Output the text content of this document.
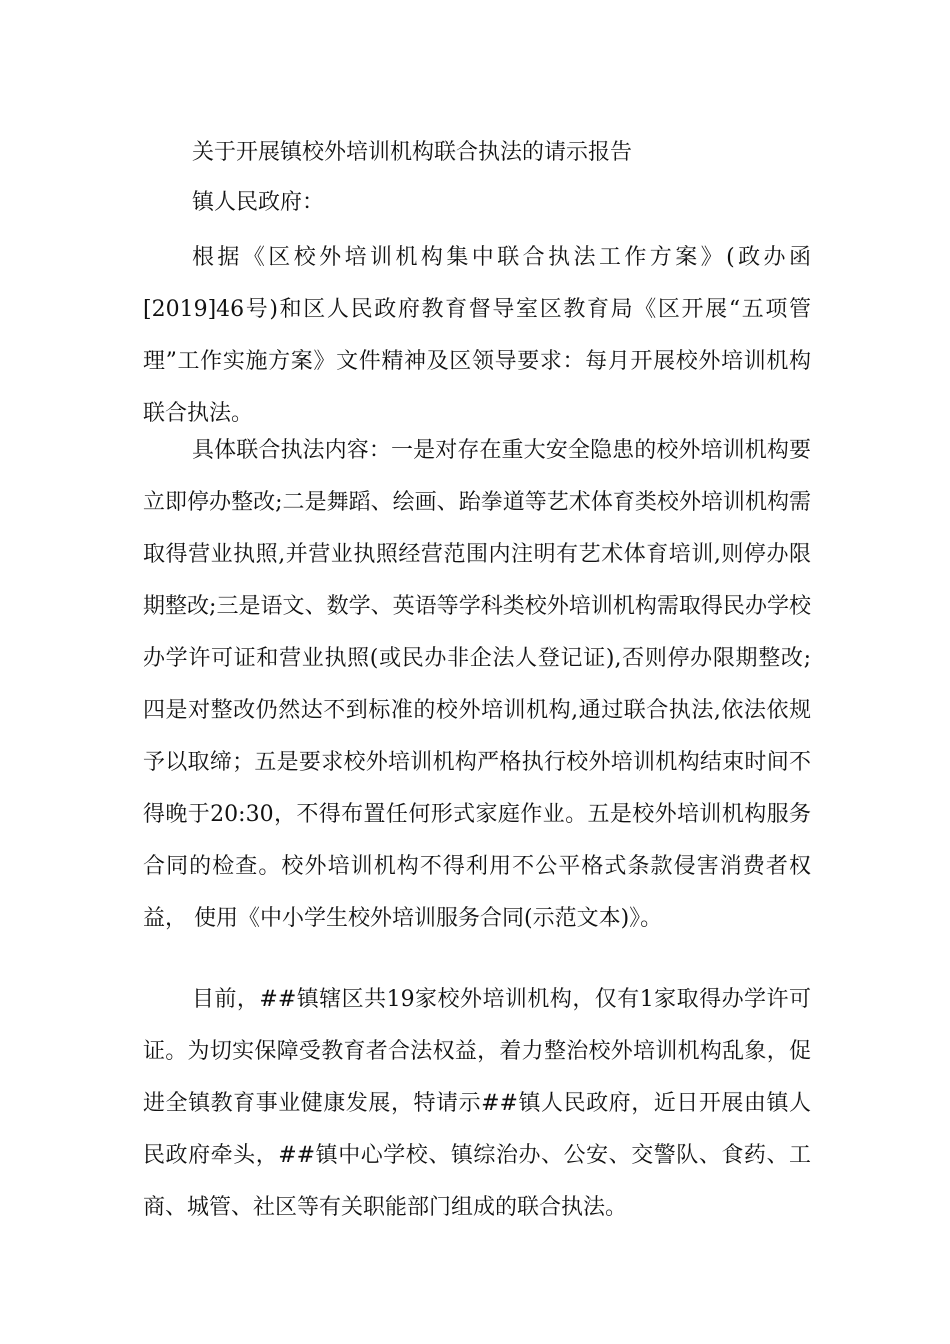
关于开展镇校外培训机构联合执法的请示报告
镇人民政府：

根据《区校外培训机构集中联合执法工作方案》(政办函[2019]46号)和区人民政府教育督导室区教育局《区开展“五项管理”工作实施方案》文件精神及区领导要求：每月开展校外培训机构联合执法。

具体联合执法内容：一是对存在重大安全隐患的校外培训机构要立即停办整改;二是舞蹈、绘画、跆拳道等艺术体育类校外培训机构需取得营业执照,并营业执照经营范围内注明有艺术体育培训,则停办限期整改;三是语文、数学、英语等学科类校外培训机构需取得民办学校办学许可证和营业执照(或民办非企法人登记证),否则停办限期整改;四是对整改仍然达不到标准的校外培训机构,通过联合执法,依法依规予以取缔；五是要求校外培训机构严格执行校外培训机构结束时间不得晚于20:30，不得布置任何形式家庭作业。五是校外培训机构服务合同的检查。校外培训机构不得利用不公平格式条款侵害消费者权益， 使用《中小学生校外培训服务合同(示范文本)》。

目前，##镇辖区共19家校外培训机构，仅有1家取得办学许可证。为切实保障受教育者合法权益，着力整治校外培训机构乱象，促进全镇教育事业健康发展，特请示##镇人民政府，近日开展由镇人民政府牵头，##镇中心学校、镇综治办、公安、交警队、食药、工商、城管、社区等有关职能部门组成的联合执法。
